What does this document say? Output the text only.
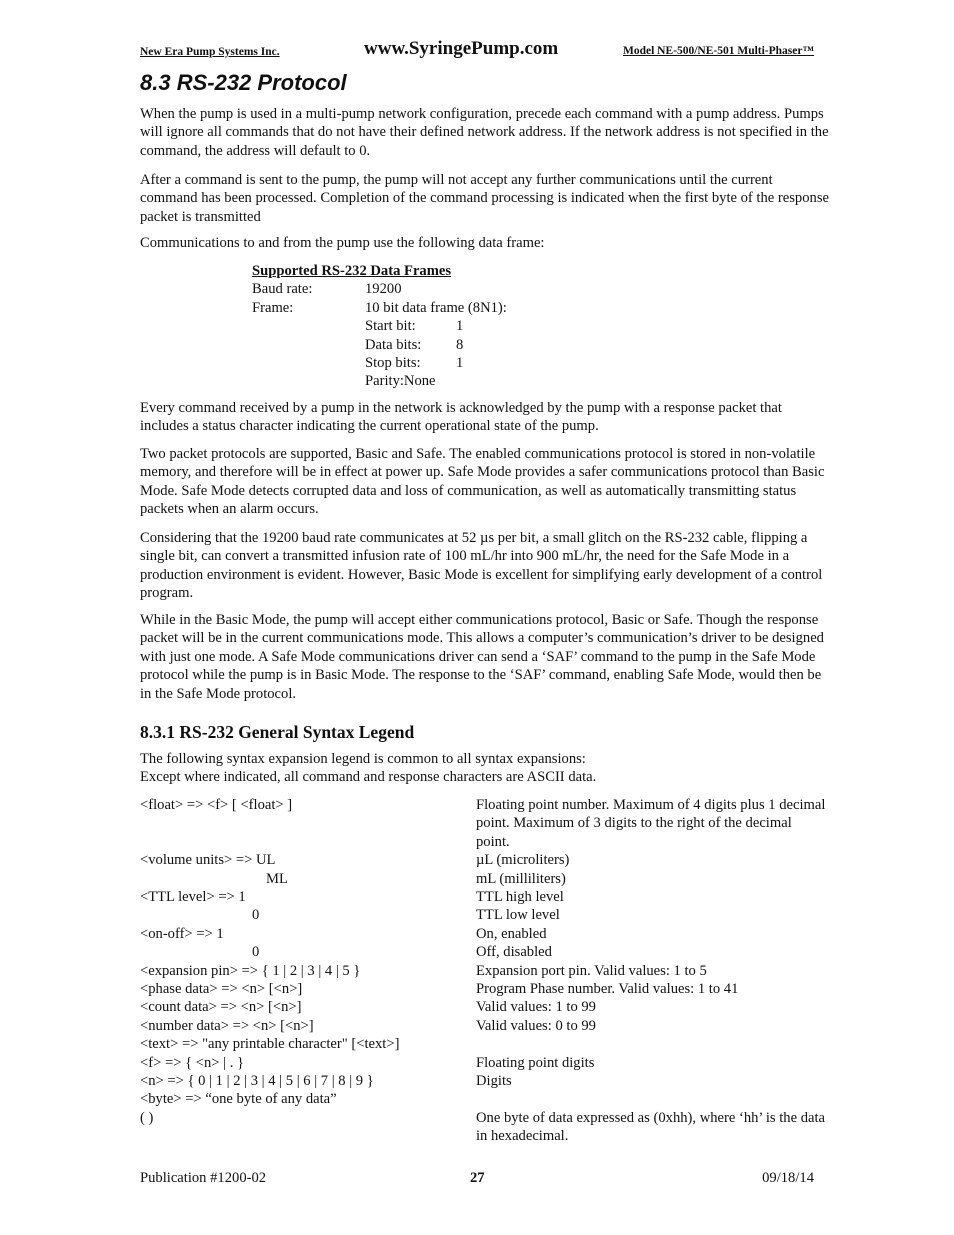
New Era Pump Systems Inc.	www.SyringePump.com	Model NE-500/NE-501 Multi-Phaser™
8.3 RS-232 Protocol

When the pump is used in a multi-pump network configuration, precede each command with a pump address. Pumps will ignore all commands that do not have their defined network address. If the network address is not specified in the command, the address will default to 0.

After a command is sent to the pump, the pump will not accept any further communications until the current command has been processed. Completion of the command processing is indicated when the first byte of the response packet is transmitted

Communications to and from the pump use the following data frame:

Supported RS-232 Data Frames
Baud rate:	19200
Frame:	10 bit data frame (8N1):
Start bit:	1
Data bits: 8
Stop bits: 1
Parity:None

Every command received by a pump in the network is acknowledged by the pump with a response packet that includes a status character indicating the current operational state of the pump.

Two packet protocols are supported, Basic and Safe. The enabled communications protocol is stored in non-volatile memory, and therefore will be in effect at power up. Safe Mode provides a safer communications protocol than Basic Mode. Safe Mode detects corrupted data and loss of communication, as well as automatically transmitting status packets when an alarm occurs.

Considering that the 19200 baud rate communicates at 52 µs per bit, a small glitch on the RS-232 cable, flipping a single bit, can convert a transmitted infusion rate of 100 mL/hr into 900 mL/hr, the need for the Safe Mode in a production environment is evident. However, Basic Mode is excellent for simplifying early development of a control program.

While in the Basic Mode, the pump will accept either communications protocol, Basic or Safe. Though the response packet will be in the current communications mode. This allows a computer’s communication’s driver to be designed with just one mode. A Safe Mode communications driver can send a ‘SAF’ command to the pump in the Safe Mode protocol while the pump is in Basic Mode. The response to the ‘SAF’ command, enabling Safe Mode, would then be in the Safe Mode protocol.

8.3.1 RS-232 General Syntax Legend

The following syntax expansion legend is common to all syntax expansions:

Except where indicated, all command and response characters are ASCII data.

<float> => <f> [ <float> ]	Floating point number. Maximum of 4 digits plus 1 decimal point. Maximum of 3 digits to the right of the decimal point.
<volume units> => UL	µL (microliters)
ML	mL (milliliters)
<TTL level> => 1	TTL high level
0	TTL low level
<on-off> => 1	On, enabled
0	Off, disabled
<expansion pin> => { 1 | 2 | 3 | 4 | 5 }	Expansion port pin. Valid values: 1 to 5
<phase data> => <n> [<n>]	Program Phase number. Valid values: 1 to 41
<count data> => <n> [<n>]	Valid values: 1 to 99
<number data> => <n> [<n>]	Valid values: 0 to 99
<text> => "any printable character" [<text>]
<f> => { <n> | . }	Floating point digits
<n> => { 0 | 1 | 2 | 3 | 4 | 5 | 6 | 7 | 8 | 9 }	Digits
<byte> => “one byte of any data”
( )	One byte of data expressed as (0xhh), where ‘hh’ is the data in hexadecimal.
Publication #1200-02	27	09/18/14
